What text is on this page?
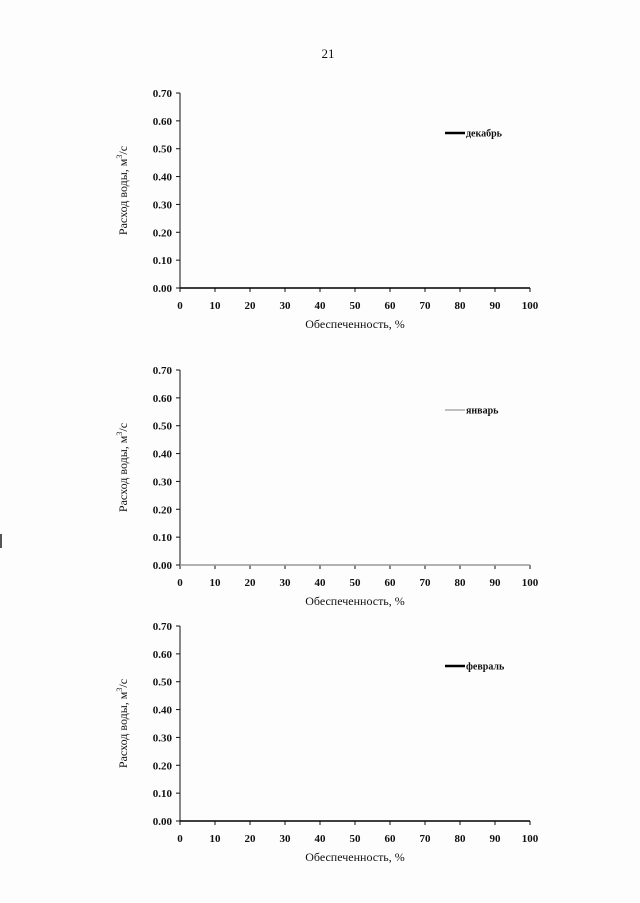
21
0.00
0.10
0.20
0.30
0.40
0.50
0.60
0.70
0 10 20 30 40 50 60 70 80 90 100
Обеспеченность, %
Расход воды, $м^3/с$
декабрь
0.00
0.10
0.20
0.30
0.40
0.50
0.60
0.70
0 10 20 30 40 50 60 70 80 90 100
Обеспеченность, %
Расход воды, $м^3/с$
январь
0.00
0.10
0.20
0.30
0.40
0.50
0.60
0.70
0 10 20 30 40 50 60 70 80 90 100
Обеспеченность, %
Расход воды, $м^3/с$
февраль
